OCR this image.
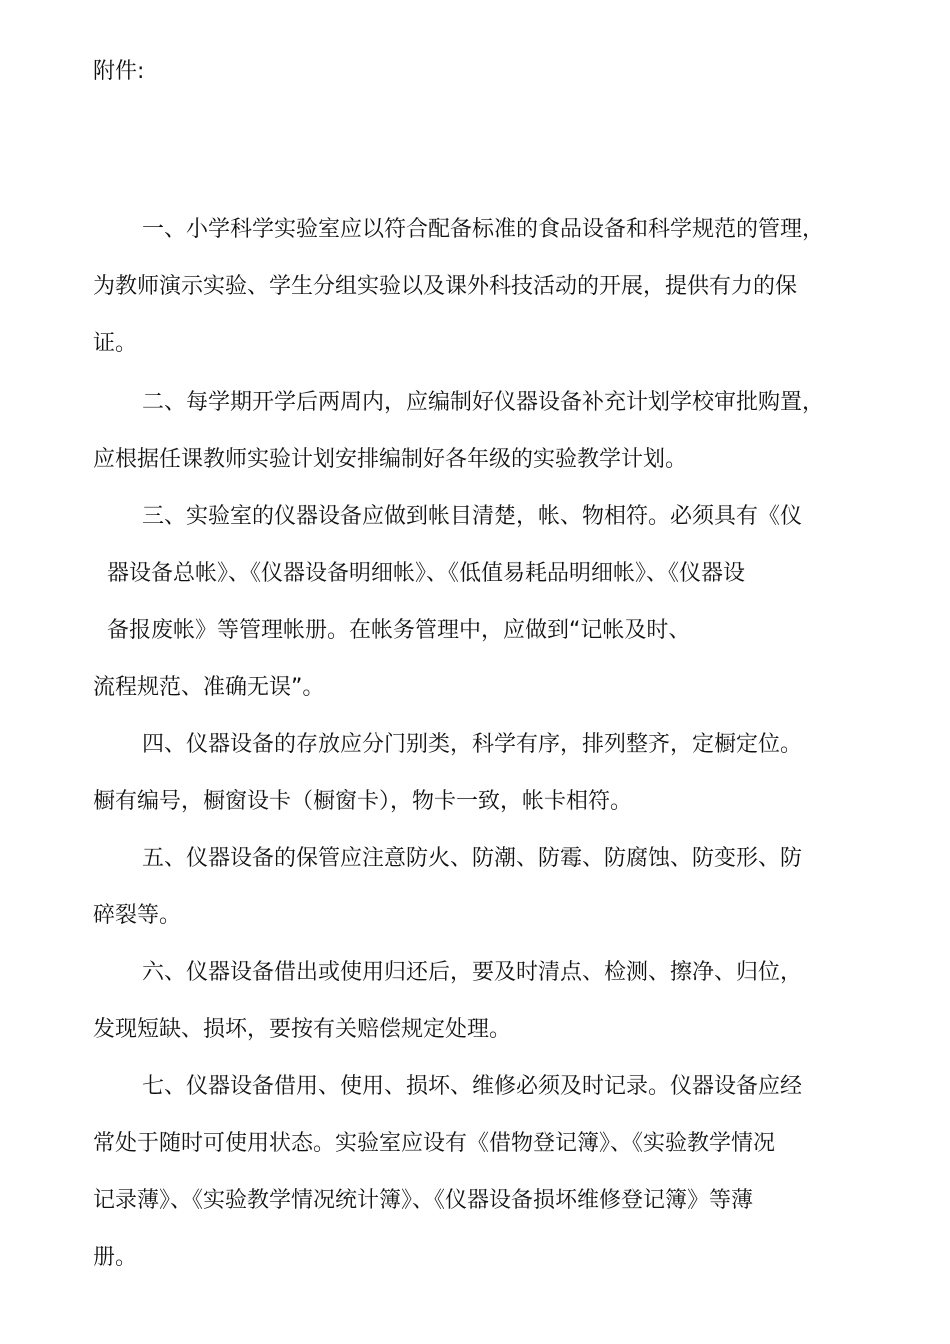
附件:

一、小学科学实验室应以符合配备标准的食品设备和科学规范的管理，

为教师演示实验、学生分组实验以及课外科技活动的开展，提供有力的保

证。

二、每学期开学后两周内，应编制好仪器设备补充计划学校审批购置，

应根据任课教师实验计划安排编制好各年级的实验教学计划。

三、实验室的仪器设备应做到帐目清楚，帐、物相符。必须具有《仪

器设备总帐》、《仪器设备明细帐》、《低值易耗品明细帐》、《仪器设

备报废帐》等管理帐册。在帐务管理中，应做到“记帐及时、

流程规范、准确无误”。

四、仪器设备的存放应分门别类，科学有序，排列整齐，定橱定位。

橱有编号，橱窗设卡（橱窗卡），物卡一致，帐卡相符。

五、仪器设备的保管应注意防火、防潮、防霉、防腐蚀、防变形、防

碎裂等。

六、仪器设备借出或使用归还后，要及时清点、检测、擦净、归位，

发现短缺、损坏，要按有关赔偿规定处理。

七、仪器设备借用、使用、损坏、维修必须及时记录。仪器设备应经

常处于随时可使用状态。实验室应设有《借物登记簿》、《实验教学情况

记录薄》、《实验教学情况统计簿》、《仪器设备损坏维修登记簿》等薄

册。
